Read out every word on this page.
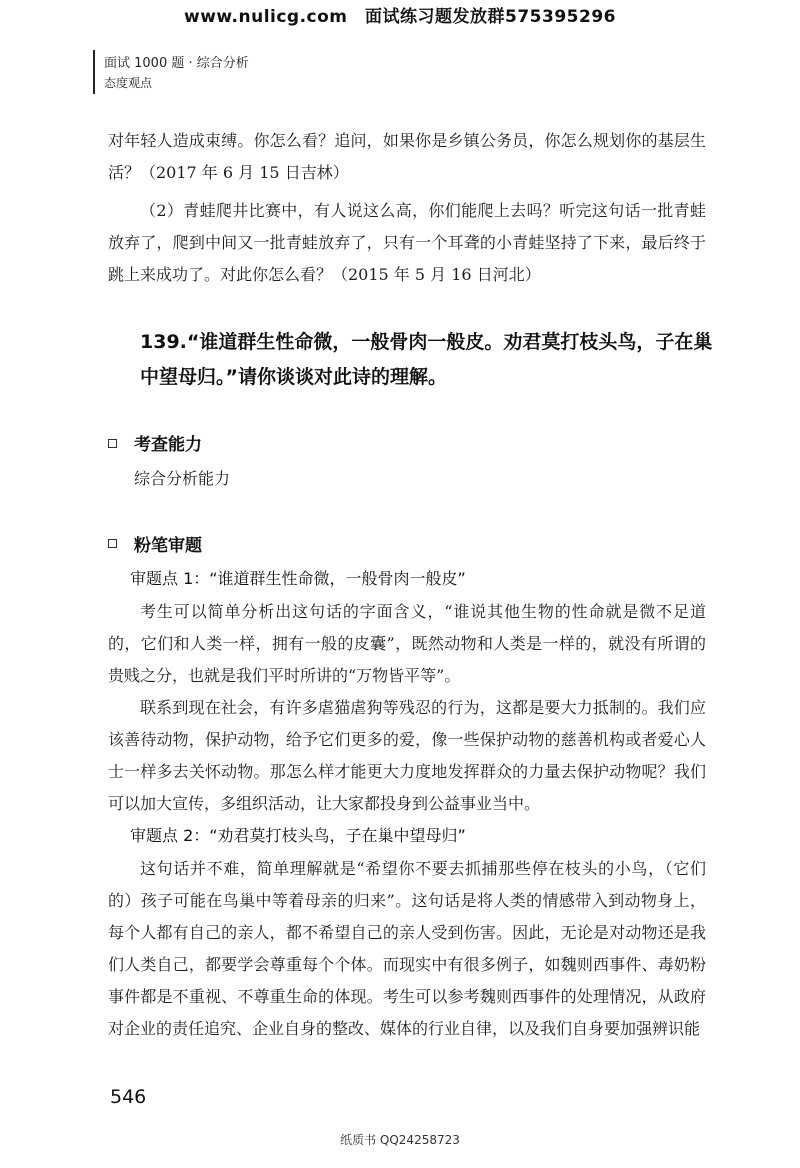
www.nulicg.com　面试练习题发放群575395296
面试 1000 题 · 综合分析
态度观点
对年轻人造成束缚。你怎么看？追问，如果你是乡镇公务员，你怎么规划你的基层生活？（2017 年 6 月 15 日吉林）
（2）青蛙爬井比赛中，有人说这么高，你们能爬上去吗？听完这句话一批青蛙放弃了，爬到中间又一批青蛙放弃了，只有一个耳聋的小青蛙坚持了下来，最后终于跳上来成功了。对此你怎么看？（2015 年 5 月 16 日河北）
139.“谁道群生性命微，一般骨肉一般皮。劝君莫打枝头鸟，子在巢中望母归。”请你谈谈对此诗的理解。
考查能力
综合分析能力
粉笔审题
审题点 1：“谁道群生性命微，一般骨肉一般皮”
考生可以简单分析出这句话的字面含义，“谁说其他生物的性命就是微不足道的，它们和人类一样，拥有一般的皮囊”，既然动物和人类是一样的，就没有所谓的贵贱之分，也就是我们平时所讲的“万物皆平等”。
联系到现在社会，有许多虐猫虐狗等残忍的行为，这都是要大力抵制的。我们应该善待动物，保护动物，给予它们更多的爱，像一些保护动物的慈善机构或者爱心人士一样多去关怀动物。那怎么样才能更大力度地发挥群众的力量去保护动物呢？我们可以加大宣传，多组织活动，让大家都投身到公益事业当中。
审题点 2：“劝君莫打枝头鸟，子在巢中望母归”
这句话并不难，简单理解就是“希望你不要去抓捕那些停在枝头的小鸟，（它们的）孩子可能在鸟巢中等着母亲的归来”。这句话是将人类的情感带入到动物身上，每个人都有自己的亲人，都不希望自己的亲人受到伤害。因此，无论是对动物还是我们人类自己，都要学会尊重每个个体。而现实中有很多例子，如魏则西事件、毒奶粉事件都是不重视、不尊重生命的体现。考生可以参考魏则西事件的处理情况，从政府对企业的责任追究、企业自身的整改、媒体的行业自律，以及我们自身要加强辨识能
546
纸质书 QQ24258723
